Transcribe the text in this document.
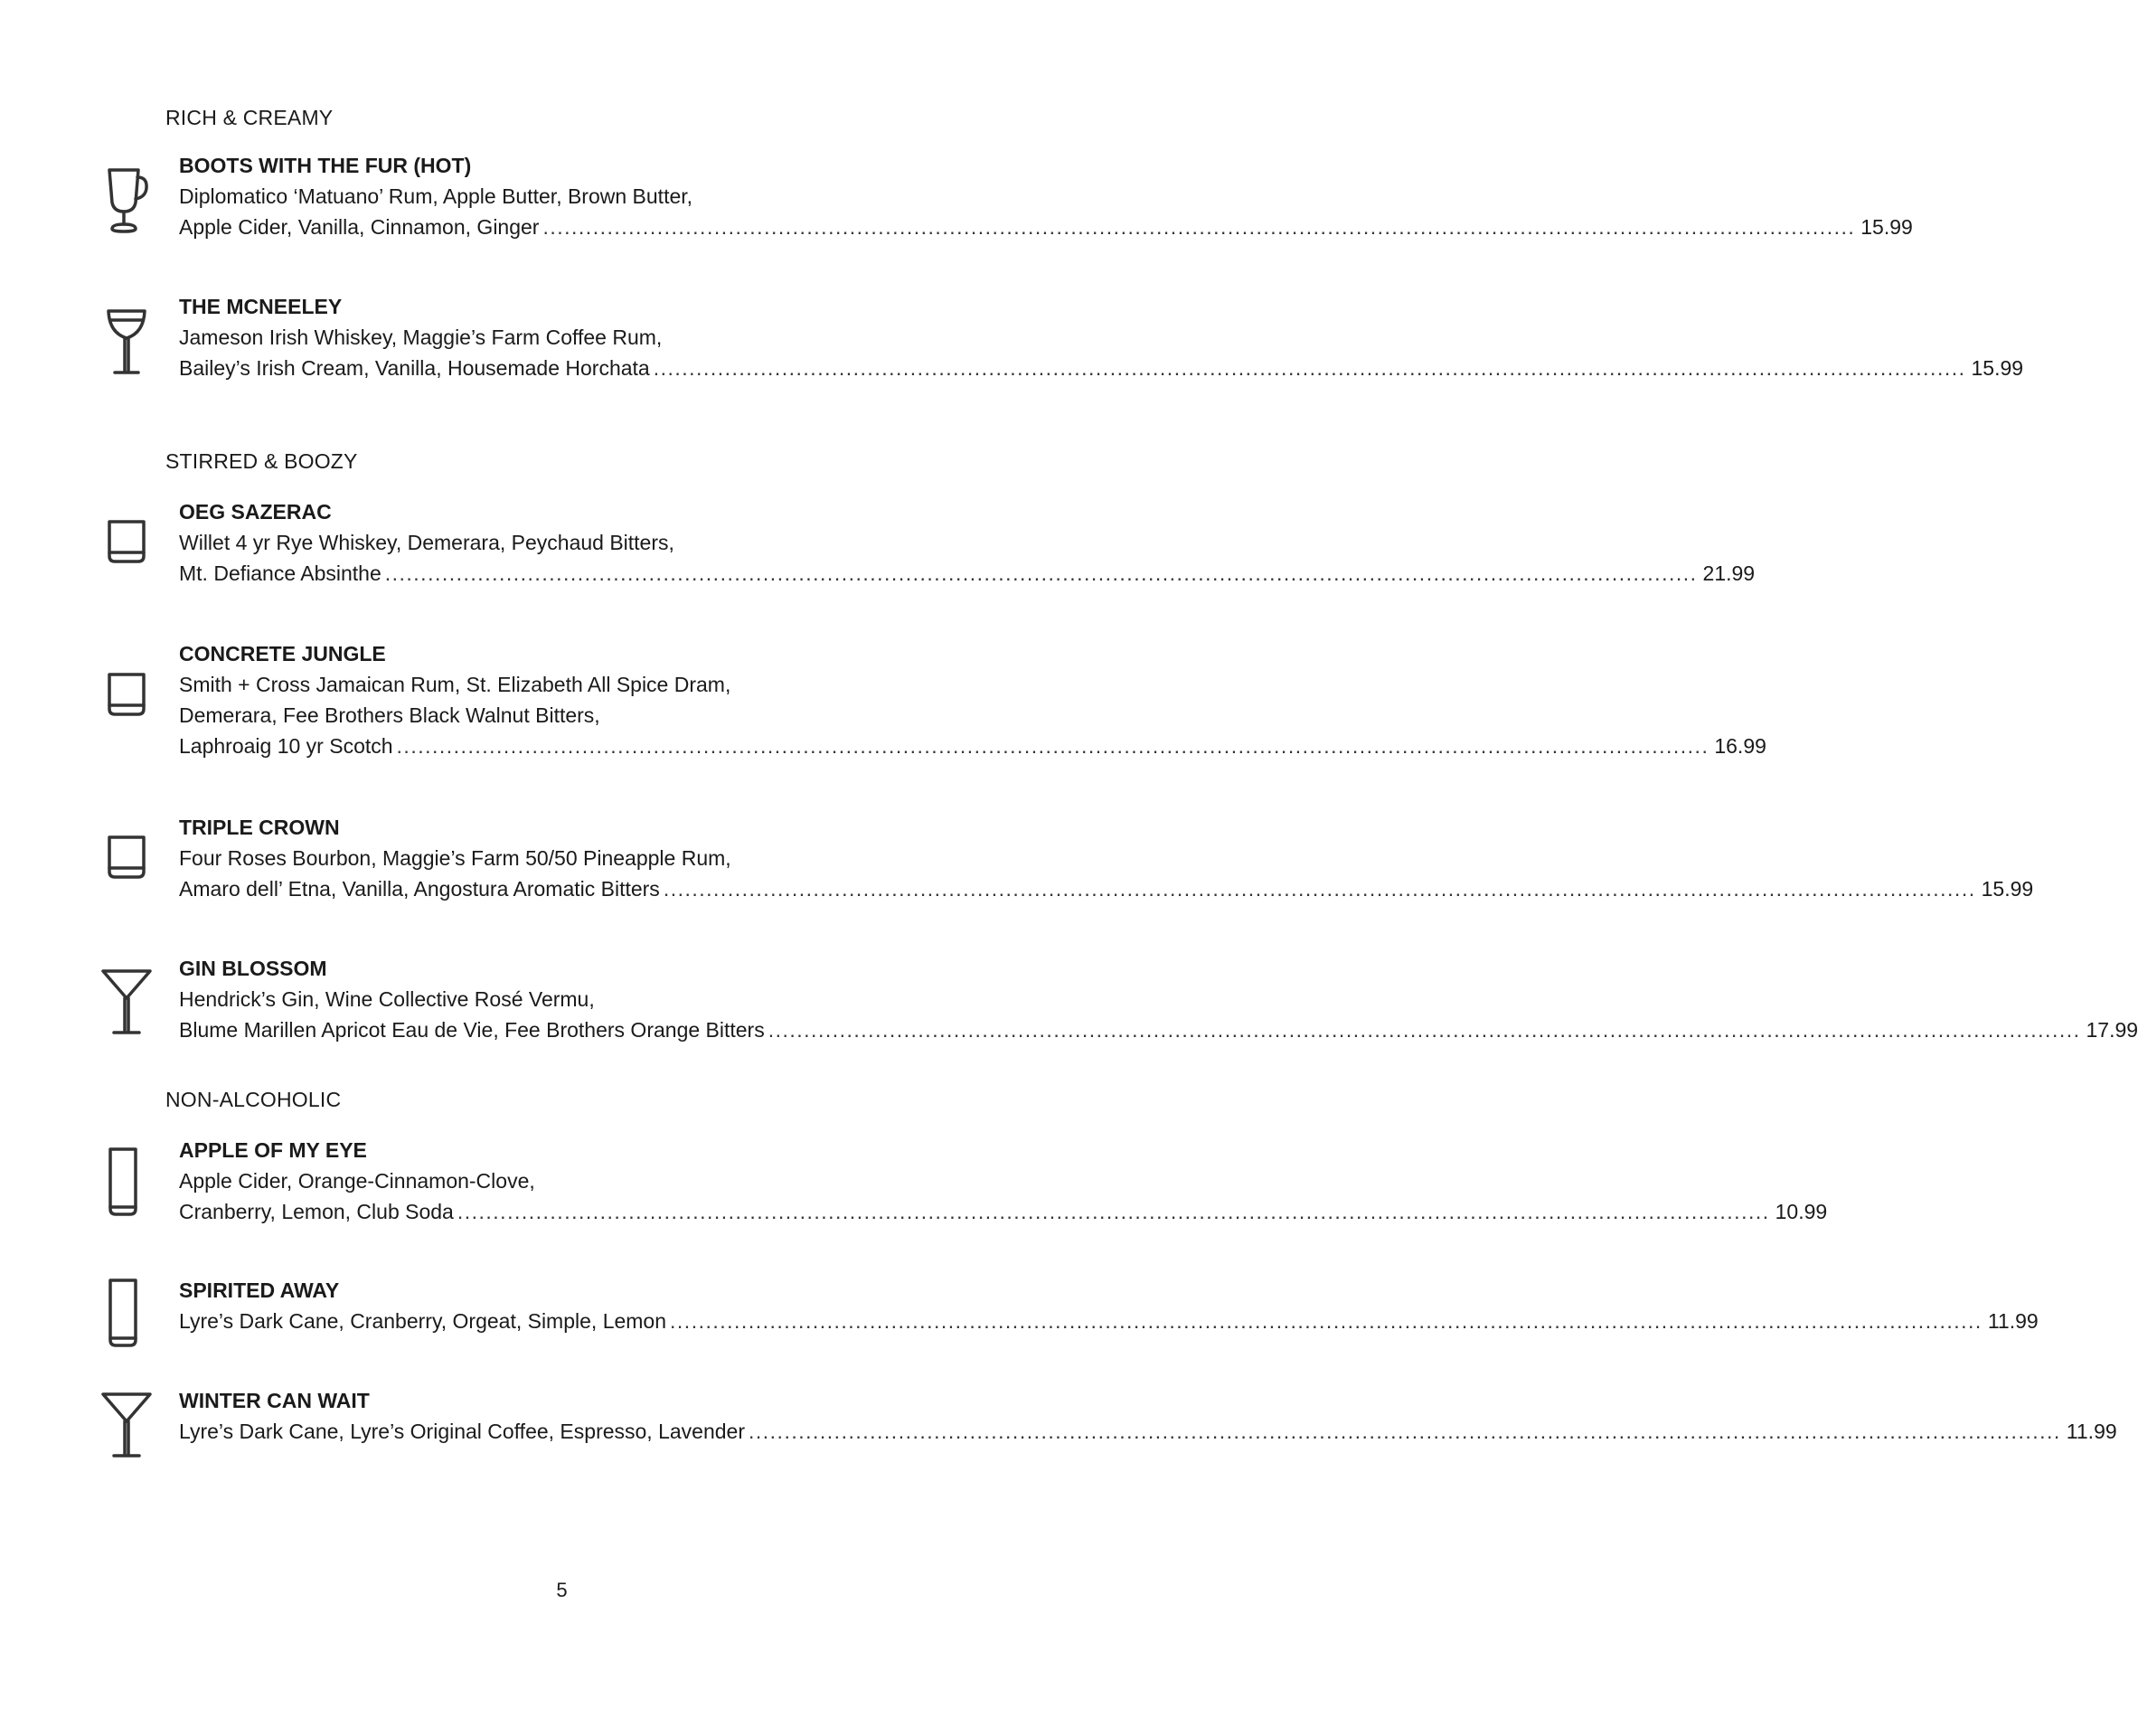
RICH & CREAMY
STIRRED & BOOZY
NON-ALCOHOLIC
BOOTS WITH THE FUR (HOT)
Diplomatico ‘Matuano’ Rum, Apple Butter, Brown Butter,
Apple Cider, Vanilla, Cinnamon, Ginger ........................................................................................................................................................................................ 15.99
THE MCNEELEY
Jameson Irish Whiskey, Maggie’s Farm Coffee Rum,
Bailey’s Irish Cream, Vanilla, Housemade Horchata ........................................................................................................................................................................................ 15.99
OEG SAZERAC
Willet 4 yr Rye Whiskey, Demerara, Peychaud Bitters,
Mt. Defiance Absinthe ........................................................................................................................................................................................ 21.99
CONCRETE JUNGLE
Smith + Cross Jamaican Rum, St. Elizabeth All Spice Dram,
Demerara, Fee Brothers Black Walnut Bitters,
Laphroaig 10 yr Scotch ........................................................................................................................................................................................ 16.99
TRIPLE CROWN
Four Roses Bourbon, Maggie’s Farm 50/50 Pineapple Rum,
Amaro dell’ Etna, Vanilla, Angostura Aromatic Bitters ........................................................................................................................................................................................ 15.99
GIN BLOSSOM
Hendrick’s Gin, Wine Collective Rosé Vermu,
Blume Marillen Apricot Eau de Vie, Fee Brothers Orange Bitters ........................................................................................................................................................................................ 17.99
APPLE OF MY EYE
Apple Cider, Orange-Cinnamon-Clove,
Cranberry, Lemon, Club Soda ........................................................................................................................................................................................ 10.99
SPIRITED AWAY
Lyre’s Dark Cane, Cranberry, Orgeat, Simple, Lemon ........................................................................................................................................................................................ 11.99
WINTER CAN WAIT
Lyre’s Dark Cane, Lyre’s Original Coffee, Espresso, Lavender ........................................................................................................................................................................................ 11.99
5
